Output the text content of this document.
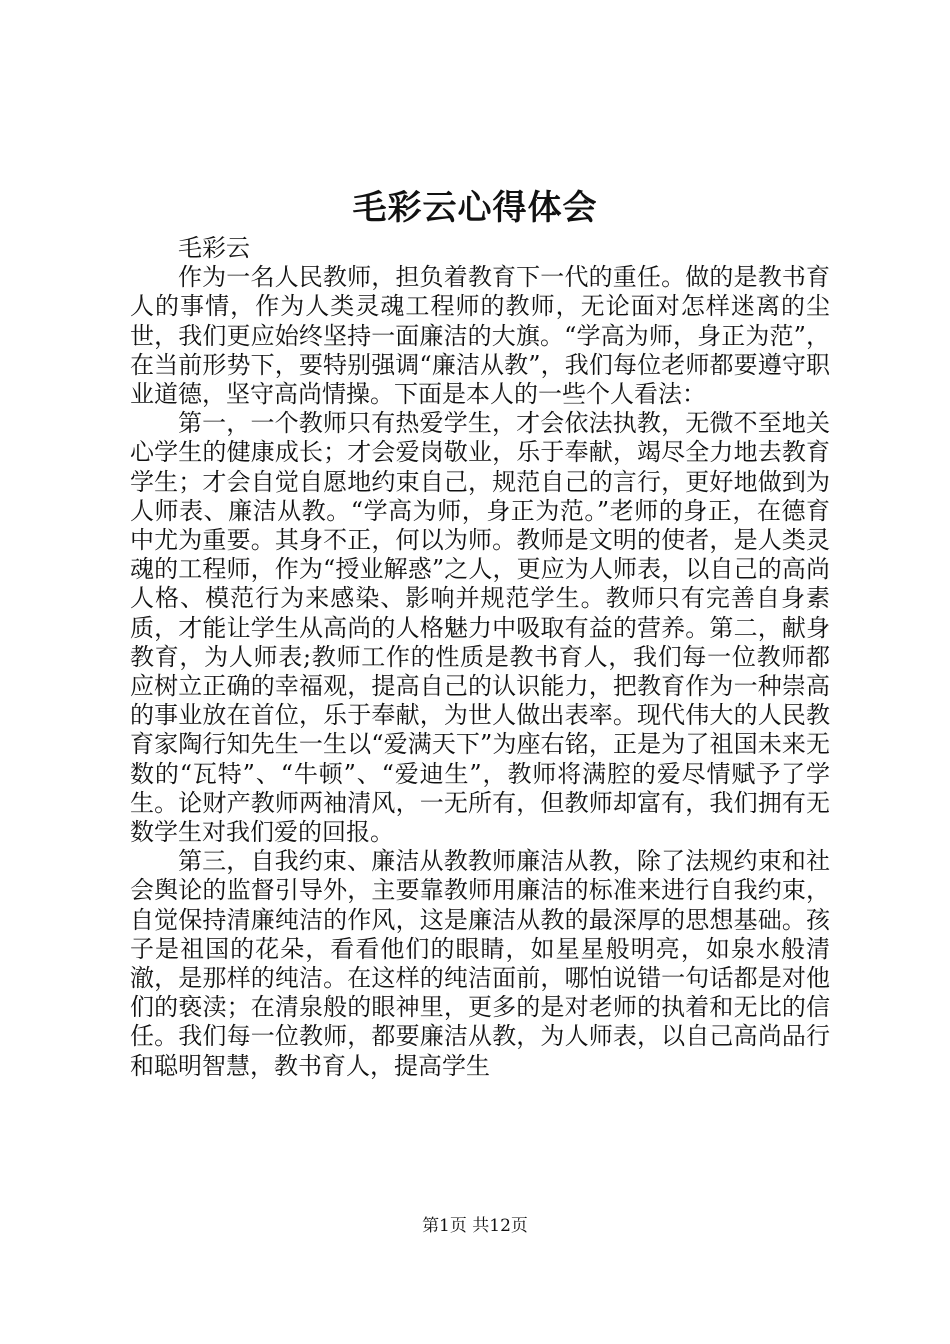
毛彩云心得体会

毛彩云

作为一名人民教师，担负着教育下一代的重任。做的是教书育人的事情，作为人类灵魂工程师的教师，无论面对怎样迷离的尘世，我们更应始终坚持一面廉洁的大旗。“学高为师，身正为范”，在当前形势下，要特别强调“廉洁从教”，我们每位老师都要遵守职业道德，坚守高尚情操。下面是本人的一些个人看法：

第一，一个教师只有热爱学生，才会依法执教，无微不至地关心学生的健康成长；才会爱岗敬业，乐于奉献，竭尽全力地去教育学生；才会自觉自愿地约束自己，规范自己的言行，更好地做到为人师表、廉洁从教。“学高为师，身正为范。”老师的身正，在德育中尤为重要。其身不正，何以为师。教师是文明的使者，是人类灵魂的工程师，作为“授业解惑”之人，更应为人师表，以自己的高尚人格、模范行为来感染、影响并规范学生。教师只有完善自身素质，才能让学生从高尚的人格魅力中吸取有益的营养。第二，献身教育，为人师表;教师工作的性质是教书育人，我们每一位教师都应树立正确的幸福观，提高自己的认识能力，把教育作为一种崇高的事业放在首位，乐于奉献，为世人做出表率。现代伟大的人民教育家陶行知先生一生以“爱满天下”为座右铭，正是为了祖国未来无数的“瓦特”、“牛顿”、“爱迪生”，教师将满腔的爱尽情赋予了学生。论财产教师两袖清风，一无所有，但教师却富有，我们拥有无数学生对我们爱的回报。

第三，自我约束、廉洁从教教师廉洁从教，除了法规约束和社会舆论的监督引导外，主要靠教师用廉洁的标准来进行自我约束，自觉保持清廉纯洁的作风，这是廉洁从教的最深厚的思想基础。孩子是祖国的花朵，看看他们的眼睛，如星星般明亮，如泉水般清澈，是那样的纯洁。在这样的纯洁面前，哪怕说错一句话都是对他们的亵渎；在清泉般的眼神里，更多的是对老师的执着和无比的信任。我们每一位教师，都要廉洁从教，为人师表，以自己高尚品行和聪明智慧，教书育人，提高学生

第1页 共12页
